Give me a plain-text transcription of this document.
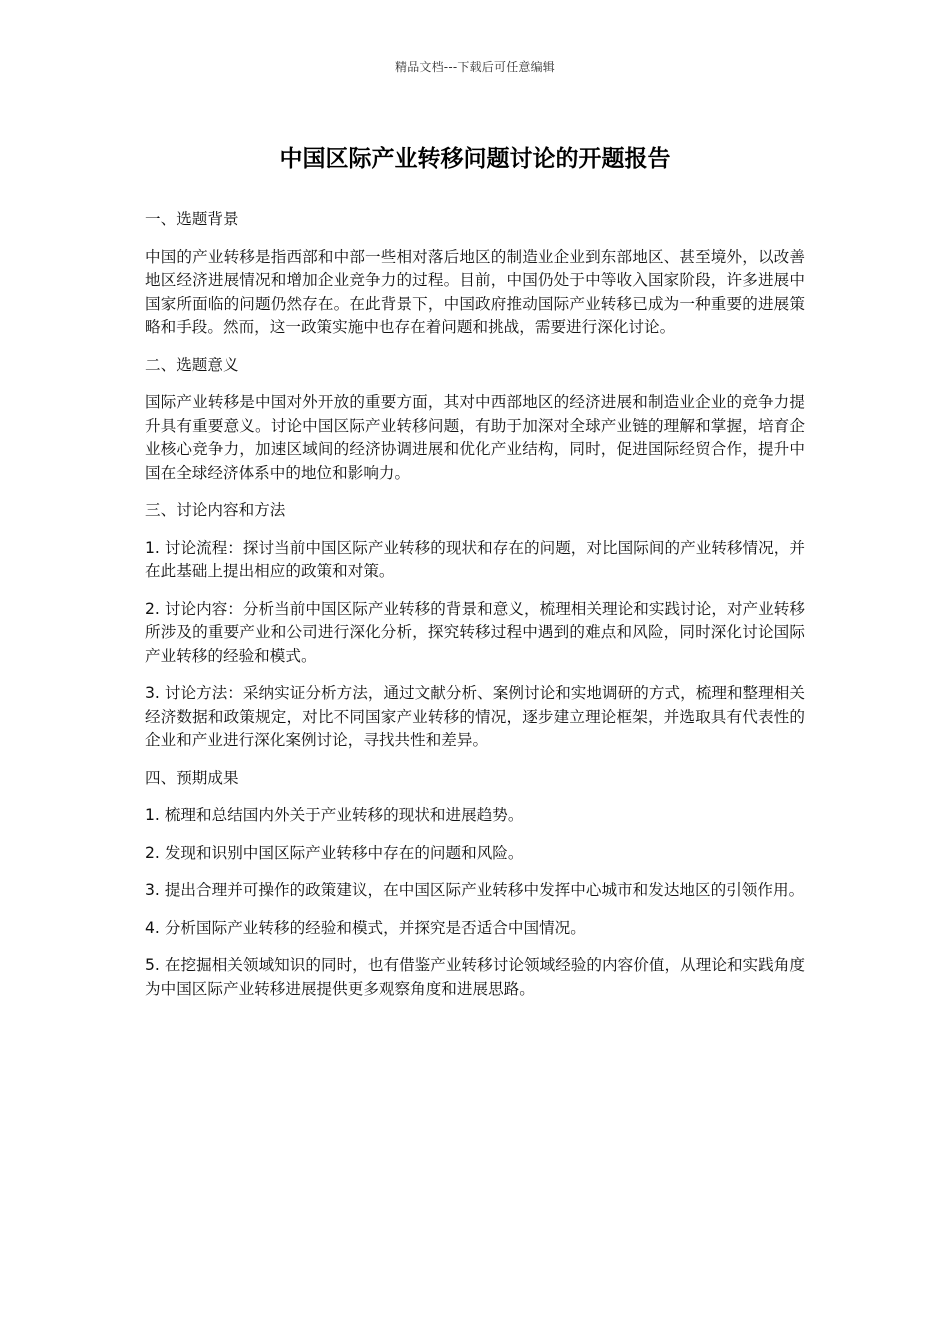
精品文档---下载后可任意编辑
中国区际产业转移问题讨论的开题报告

一、选题背景

中国的产业转移是指西部和中部一些相对落后地区的制造业企业到东部地区、甚至境外，以改善地区经济进展情况和增加企业竞争力的过程。目前，中国仍处于中等收入国家阶段，许多进展中国家所面临的问题仍然存在。在此背景下，中国政府推动国际产业转移已成为一种重要的进展策略和手段。然而，这一政策实施中也存在着问题和挑战，需要进行深化讨论。

二、选题意义

国际产业转移是中国对外开放的重要方面，其对中西部地区的经济进展和制造业企业的竞争力提升具有重要意义。讨论中国区际产业转移问题，有助于加深对全球产业链的理解和掌握，培育企业核心竞争力，加速区域间的经济协调进展和优化产业结构，同时，促进国际经贸合作，提升中国在全球经济体系中的地位和影响力。

三、讨论内容和方法

1. 讨论流程：探讨当前中国区际产业转移的现状和存在的问题，对比国际间的产业转移情况，并在此基础上提出相应的政策和对策。

2. 讨论内容：分析当前中国区际产业转移的背景和意义，梳理相关理论和实践讨论，对产业转移所涉及的重要产业和公司进行深化分析，探究转移过程中遇到的难点和风险，同时深化讨论国际产业转移的经验和模式。

3. 讨论方法：采纳实证分析方法，通过文献分析、案例讨论和实地调研的方式，梳理和整理相关经济数据和政策规定，对比不同国家产业转移的情况，逐步建立理论框架，并选取具有代表性的企业和产业进行深化案例讨论，寻找共性和差异。

四、预期成果

1. 梳理和总结国内外关于产业转移的现状和进展趋势。

2. 发现和识别中国区际产业转移中存在的问题和风险。

3. 提出合理并可操作的政策建议，在中国区际产业转移中发挥中心城市和发达地区的引领作用。

4. 分析国际产业转移的经验和模式，并探究是否适合中国情况。

5. 在挖掘相关领域知识的同时，也有借鉴产业转移讨论领域经验的内容价值，从理论和实践角度为中国区际产业转移进展提供更多观察角度和进展思路。
